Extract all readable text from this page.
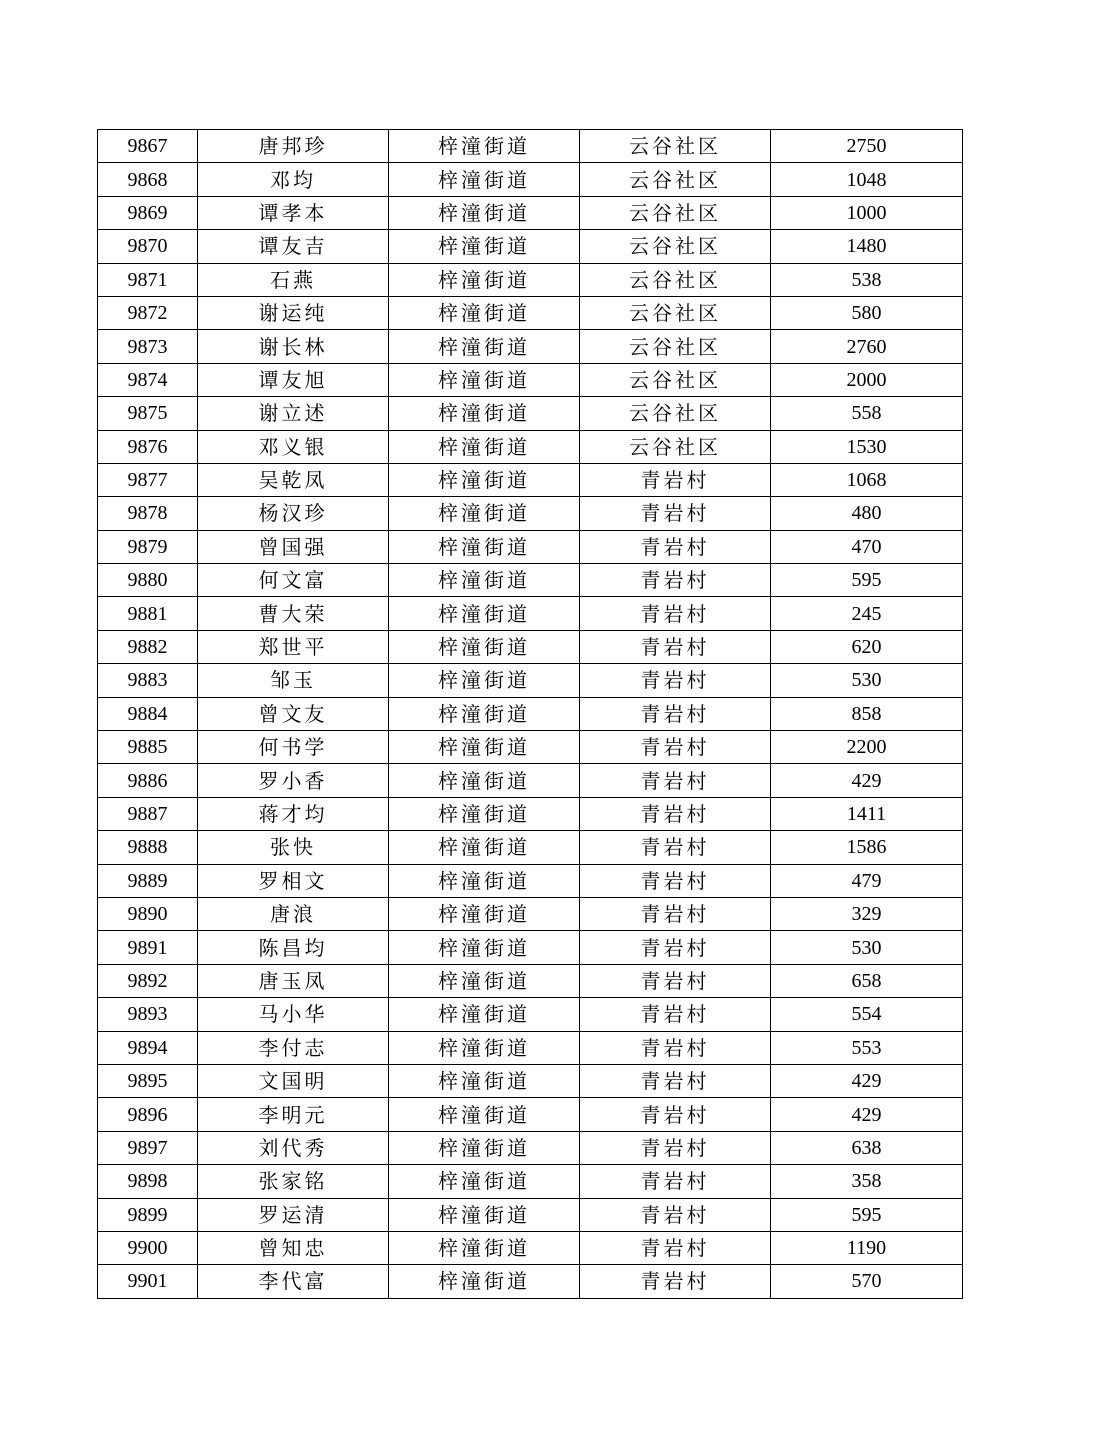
9867	唐邦珍	梓潼街道	云谷社区	2750
9868	邓均	梓潼街道	云谷社区	1048
9869	谭孝本	梓潼街道	云谷社区	1000
9870	谭友吉	梓潼街道	云谷社区	1480
9871	石燕	梓潼街道	云谷社区	538
9872	谢运纯	梓潼街道	云谷社区	580
9873	谢长林	梓潼街道	云谷社区	2760
9874	谭友旭	梓潼街道	云谷社区	2000
9875	谢立述	梓潼街道	云谷社区	558
9876	邓义银	梓潼街道	云谷社区	1530
9877	吴乾凤	梓潼街道	青岩村	1068
9878	杨汉珍	梓潼街道	青岩村	480
9879	曾国强	梓潼街道	青岩村	470
9880	何文富	梓潼街道	青岩村	595
9881	曹大荣	梓潼街道	青岩村	245
9882	郑世平	梓潼街道	青岩村	620
9883	邹玉	梓潼街道	青岩村	530
9884	曾文友	梓潼街道	青岩村	858
9885	何书学	梓潼街道	青岩村	2200
9886	罗小香	梓潼街道	青岩村	429
9887	蒋才均	梓潼街道	青岩村	1411
9888	张快	梓潼街道	青岩村	1586
9889	罗相文	梓潼街道	青岩村	479
9890	唐浪	梓潼街道	青岩村	329
9891	陈昌均	梓潼街道	青岩村	530
9892	唐玉凤	梓潼街道	青岩村	658
9893	马小华	梓潼街道	青岩村	554
9894	李付志	梓潼街道	青岩村	553
9895	文国明	梓潼街道	青岩村	429
9896	李明元	梓潼街道	青岩村	429
9897	刘代秀	梓潼街道	青岩村	638
9898	张家铭	梓潼街道	青岩村	358
9899	罗运清	梓潼街道	青岩村	595
9900	曾知忠	梓潼街道	青岩村	1190
9901	李代富	梓潼街道	青岩村	570
